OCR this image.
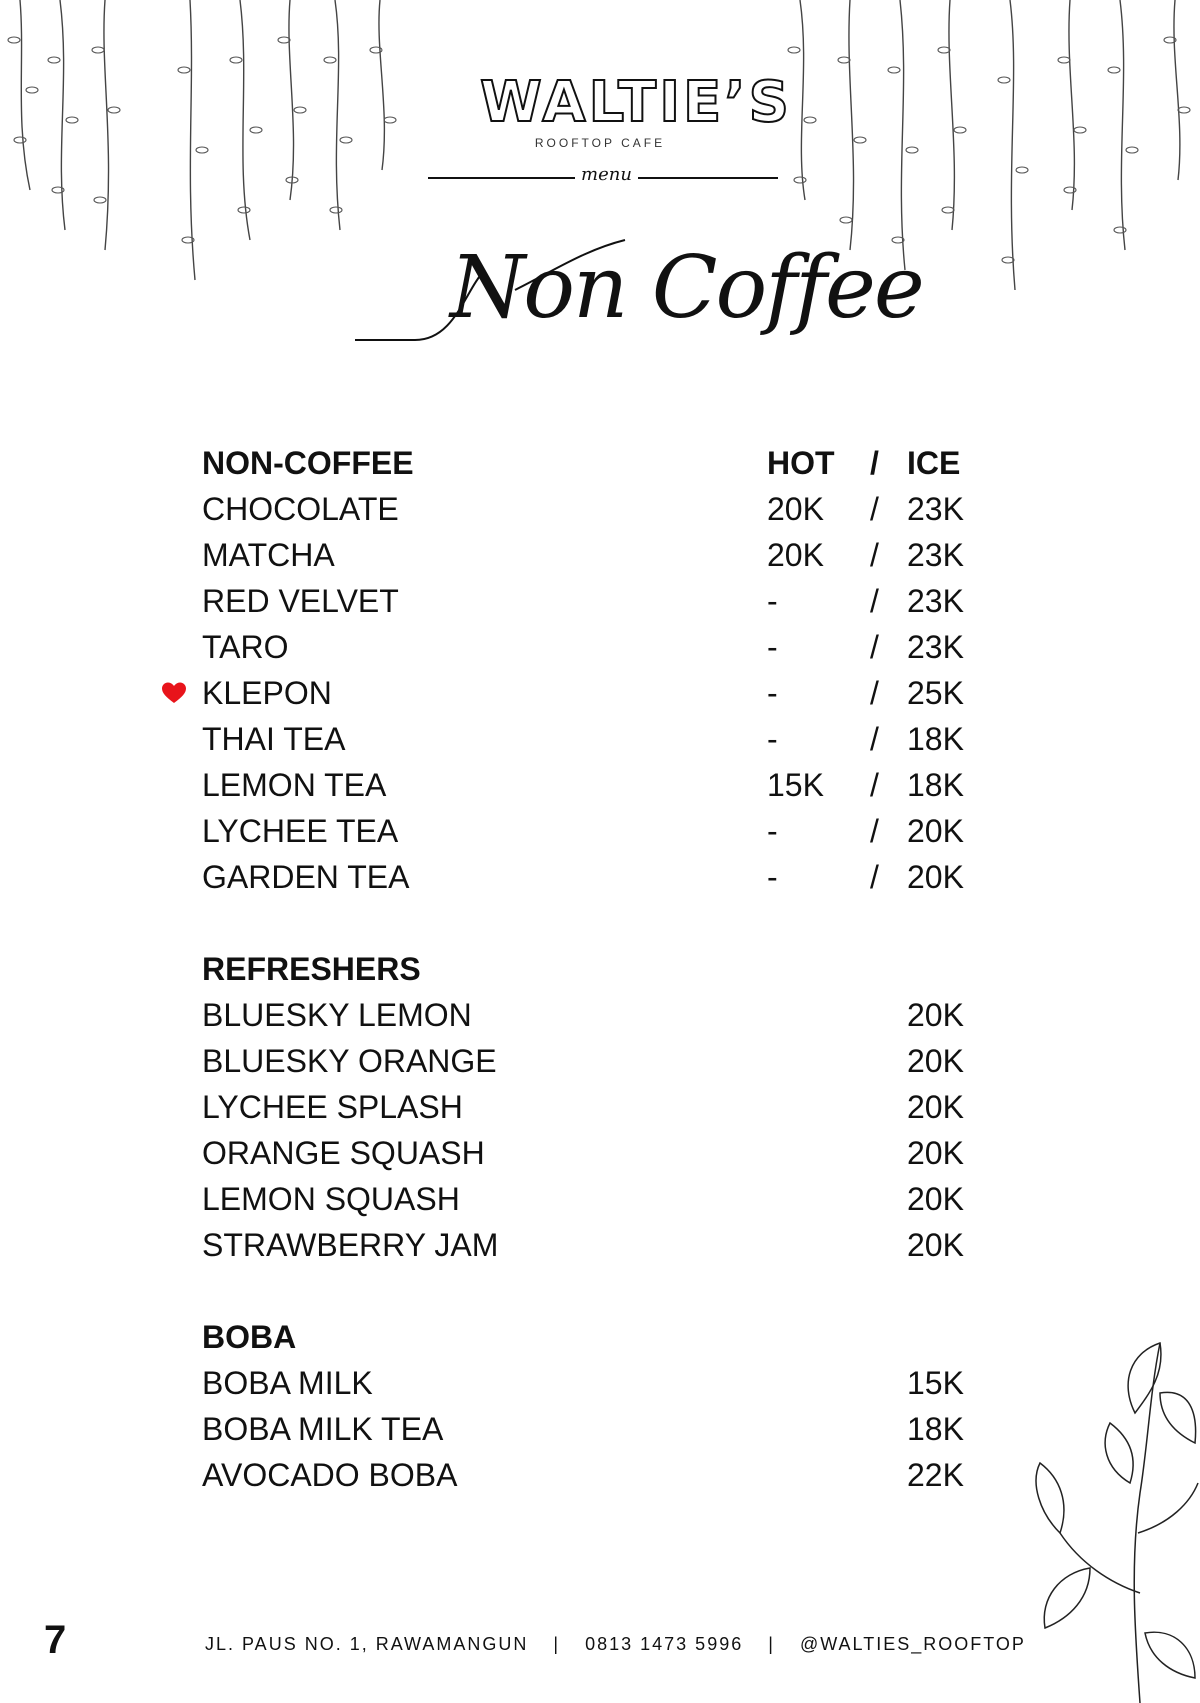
WALTIE’S
ROOFTOP CAFE
menu
Non Coffee
NON-COFFEE	HOT / ICE
CHOCOLATE	20K / 23K
MATCHA	20K / 23K
RED VELVET	-	/ 23K
TARO	-	/ 23K
KLEPON	-	/ 25K
THAI TEA	-	/ 18K
LEMON TEA	15K / 18K
LYCHEE TEA	-	/ 20K
GARDEN TEA	-	/ 20K
REFRESHERS
BLUESKY LEMON	20K
BLUESKY ORANGE	20K
LYCHEE SPLASH	20K
ORANGE SQUASH	20K
LEMON SQUASH	20K
STRAWBERRY JAM	20K
BOBA
BOBA MILK	15K
BOBA MILK TEA	18K
AVOCADO BOBA	22K
7	JL. PAUS NO. 1, RAWAMANGUN | 0813 1473 5996 | @WALTIES_ROOFTOP
